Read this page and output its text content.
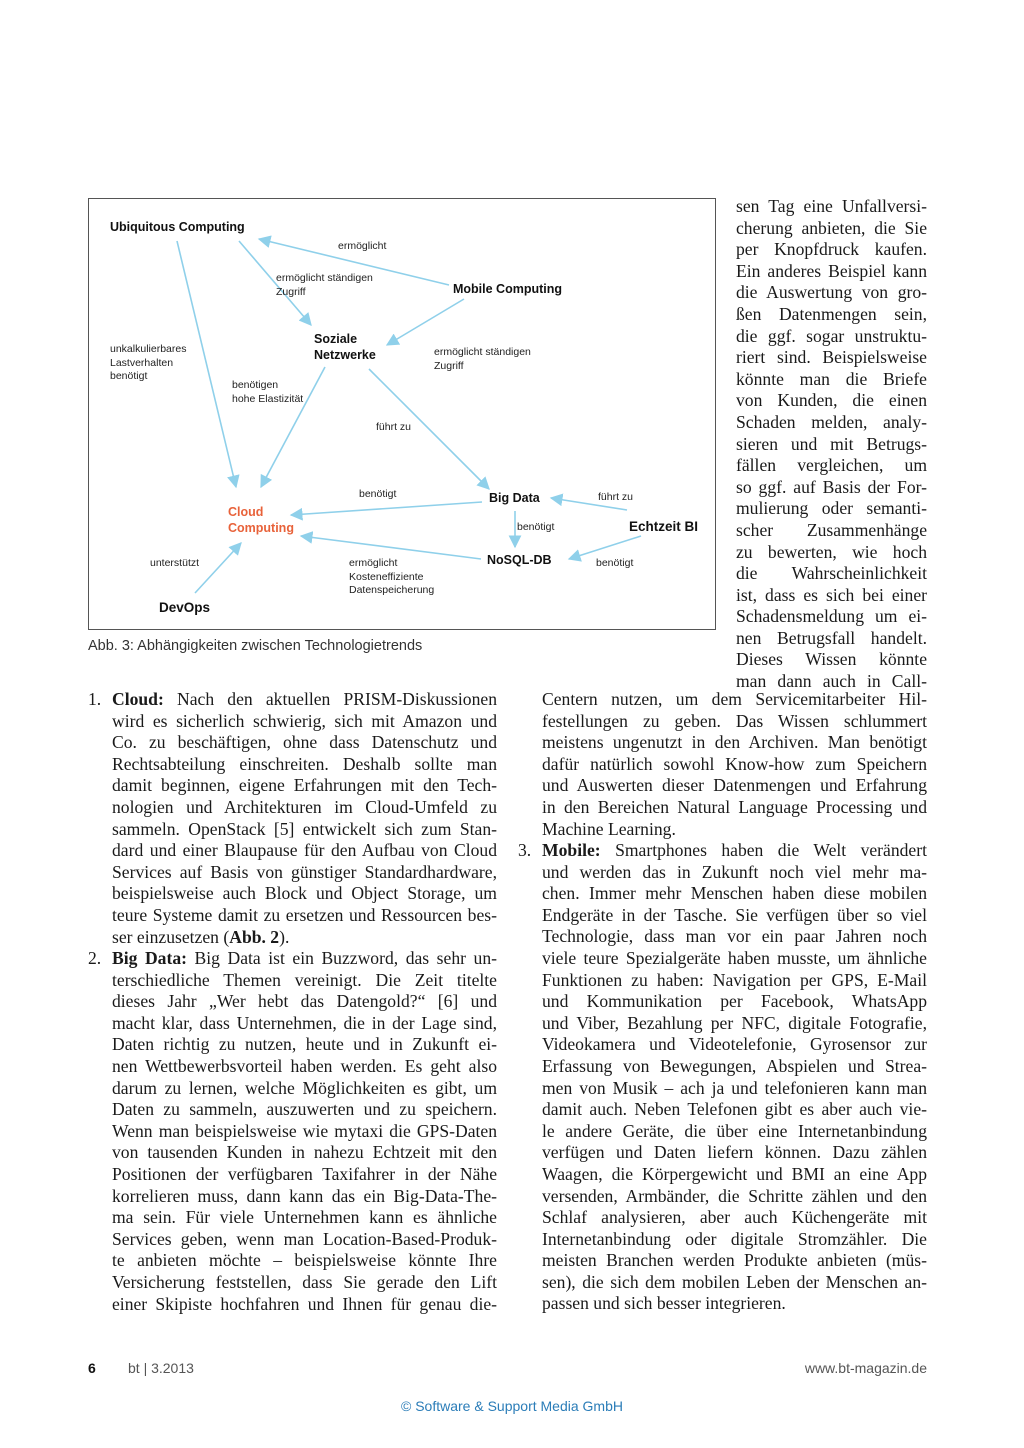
Ubiquitous Computing
Mobile Computing
Soziale
Netzwerke
Cloud
Computing
Big Data
Echtzeit BI
NoSQL-DB
DevOps
ermöglicht
ermöglicht ständigen
Zugriff
ermöglicht ständigen
Zugriff
unkalkulierbares
Lastverhalten
benötigt
benötigen
hohe Elastizität
führt zu
benötigt	führt zu
benötigt
benötigt
unterstützt	ermöglicht
Kosteneffiziente
Datenspeicherung
Abb. 3: Abhängigkeiten zwischen Technologietrends
sen Tag eine Unfallversi-
cherung anbieten, die Sie
per Knopfdruck kaufen.
Ein anderes Beispiel kann
die Auswertung von gro-
ßen Datenmengen sein,
die ggf. sogar unstruktu-
riert sind. Beispielsweise
könnte man die Briefe
von Kunden, die einen
Schaden melden, analy-
sieren und mit Betrugs-
fällen vergleichen, um
so ggf. auf Basis der For-
mulierung oder semanti-
scher Zusammenhänge
zu bewerten, wie hoch
die Wahrscheinlichkeit
ist, dass es sich bei einer
Schadensmeldung um ei-
nen Betrugsfall handelt.
Dieses Wissen könnte
man dann auch in Call-
Centern nutzen, um dem Servicemitarbeiter Hil-
festellungen zu geben. Das Wissen schlummert
meistens ungenutzt in den Archiven. Man benötigt
dafür natürlich sowohl Know-how zum Speichern
und Auswerten dieser Datenmengen und Erfahrung
in den Bereichen Natural Language Processing und
Machine Learning.
1. Cloud: Nach den aktuellen PRISM-Diskussionen
wird es sicherlich schwierig, sich mit Amazon und
Co. zu beschäftigen, ohne dass Datenschutz und
Rechtsabteilung einschreiten. Deshalb sollte man
damit beginnen, eigene Erfahrungen mit den Tech-
nologien und Architekturen im Cloud-Umfeld zu
sammeln. OpenStack [5] entwickelt sich zum Stan-
dard und einer Blaupause für den Aufbau von Cloud
Services auf Basis von günstiger Standardhardware,
beispielsweise auch Block und Object Storage, um
teure Systeme damit zu ersetzen und Ressourcen bes-
ser einzusetzen (Abb. 2).
2. Big Data: Big Data ist ein Buzzword, das sehr un-
terschiedliche Themen vereinigt. Die Zeit titelte
dieses Jahr „Wer hebt das Datengold?“ [6] und
macht klar, dass Unternehmen, die in der Lage sind,
Daten richtig zu nutzen, heute und in Zukunft ei-
nen Wettbewerbsvorteil haben werden. Es geht also
darum zu lernen, welche Möglichkeiten es gibt, um
Daten zu sammeln, auszuwerten und zu speichern.
Wenn man beispielsweise wie mytaxi die GPS-Daten
von tausenden Kunden in nahezu Echtzeit mit den
Positionen der verfügbaren Taxifahrer in der Nähe
korrelieren muss, dann kann das ein Big-Data-The-
ma sein. Für viele Unternehmen kann es ähnliche
Services geben, wenn man Location-Based-Produk-
te anbieten möchte – beispielsweise könnte Ihre
Versicherung feststellen, dass Sie gerade den Lift
einer Skipiste hochfahren und Ihnen für genau die-
3. Mobile: Smartphones haben die Welt verändert
und werden das in Zukunft noch viel mehr ma-
chen. Immer mehr Menschen haben diese mobilen
Endgeräte in der Tasche. Sie verfügen über so viel
Technologie, dass man vor ein paar Jahren noch
viele teure Spezialgeräte haben musste, um ähnliche
Funktionen zu haben: Navigation per GPS, E-Mail
und Kommunikation per Facebook, WhatsApp
und Viber, Bezahlung per NFC, digitale Fotografie,
Videokamera und Videotelefonie, Gyrosensor zur
Erfassung von Bewegungen, Abspielen und Strea-
men von Musik – ach ja und telefonieren kann man
damit auch. Neben Telefonen gibt es aber auch vie-
le andere Geräte, die über eine Internetanbindung
verfügen und Daten liefern können. Dazu zählen
Waagen, die Körpergewicht und BMI an eine App
versenden, Armbänder, die Schritte zählen und den
Schlaf analysieren, aber auch Küchengeräte mit
Internetanbindung oder digitale Stromzähler. Die
meisten Branchen werden Produkte anbieten (müs-
sen), die sich dem mobilen Leben der Menschen an-
passen und sich besser integrieren.
6 bt | 3.2013	www.bt-magazin.de
© Software & Support Media GmbH
